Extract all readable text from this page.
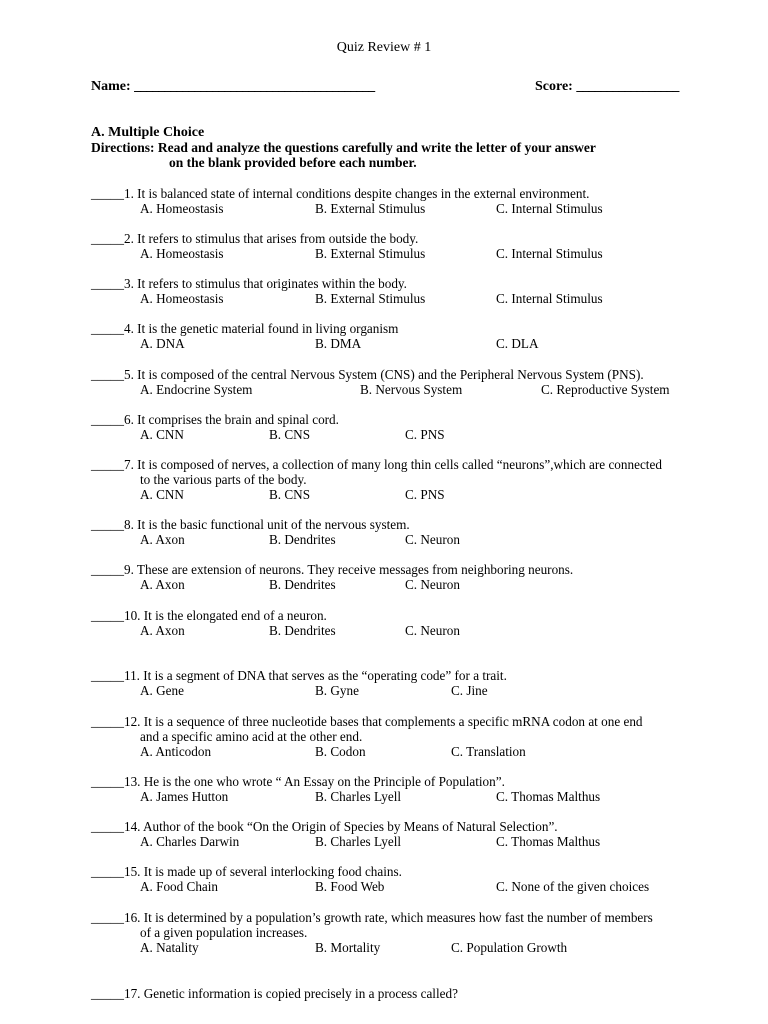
Quiz Review # 1
Name: ________________________________________	Score: _________________
A. Multiple Choice
Directions: Read and analyze the questions carefully and write the letter of your answer
on the blank provided before each number.
_____1. It is balanced state of internal conditions despite changes in the external environment.
A. Homeostasis	B. External Stimulus	C. Internal Stimulus
_____2. It refers to stimulus that arises from outside the body.
A. Homeostasis	B. External Stimulus	C. Internal Stimulus
_____3. It refers to stimulus that originates within the body.
A. Homeostasis	B. External Stimulus	C. Internal Stimulus
_____4. It is the genetic material found in living organism
A. DNA	B. DMA	C. DLA
_____5. It is composed of the central Nervous System (CNS) and the Peripheral Nervous System (PNS).
A. Endocrine System	B. Nervous System	C. Reproductive System
_____6. It comprises the brain and spinal cord.
A. CNN	B. CNS	C. PNS
_____7. It is composed of nerves, a collection of many long thin cells called “neurons”,which are connected
to the various parts of the body.
A. CNN	B. CNS	C. PNS
_____8. It is the basic functional unit of the nervous system.
A. Axon	B. Dendrites	C. Neuron
_____9. These are extension of neurons. They receive messages from neighboring neurons.
A. Axon	B. Dendrites	C. Neuron
_____10. It is the elongated end of a neuron.
A. Axon	B. Dendrites	C. Neuron
_____11. It is a segment of DNA that serves as the “operating code” for a trait.
A. Gene	B. Gyne	C. Jine
_____12. It is a sequence of three nucleotide bases that complements a specific mRNA codon at one end
and a specific amino acid at the other end.
A. Anticodon	B. Codon	C. Translation
_____13. He is the one who wrote “ An Essay on the Principle of Population”.
A. James Hutton	B. Charles Lyell	C. Thomas Malthus
_____14. Author of the book “On the Origin of Species by Means of Natural Selection”.
A. Charles Darwin	B. Charles Lyell	C. Thomas Malthus
_____15. It is made up of several interlocking food chains.
A. Food Chain	B. Food Web	C. None of the given choices
_____16. It is determined by a population’s growth rate, which measures how fast the number of members
of a given population increases.
A. Natality	B. Mortality	C. Population Growth
_____17. Genetic information is copied precisely in a process called?
